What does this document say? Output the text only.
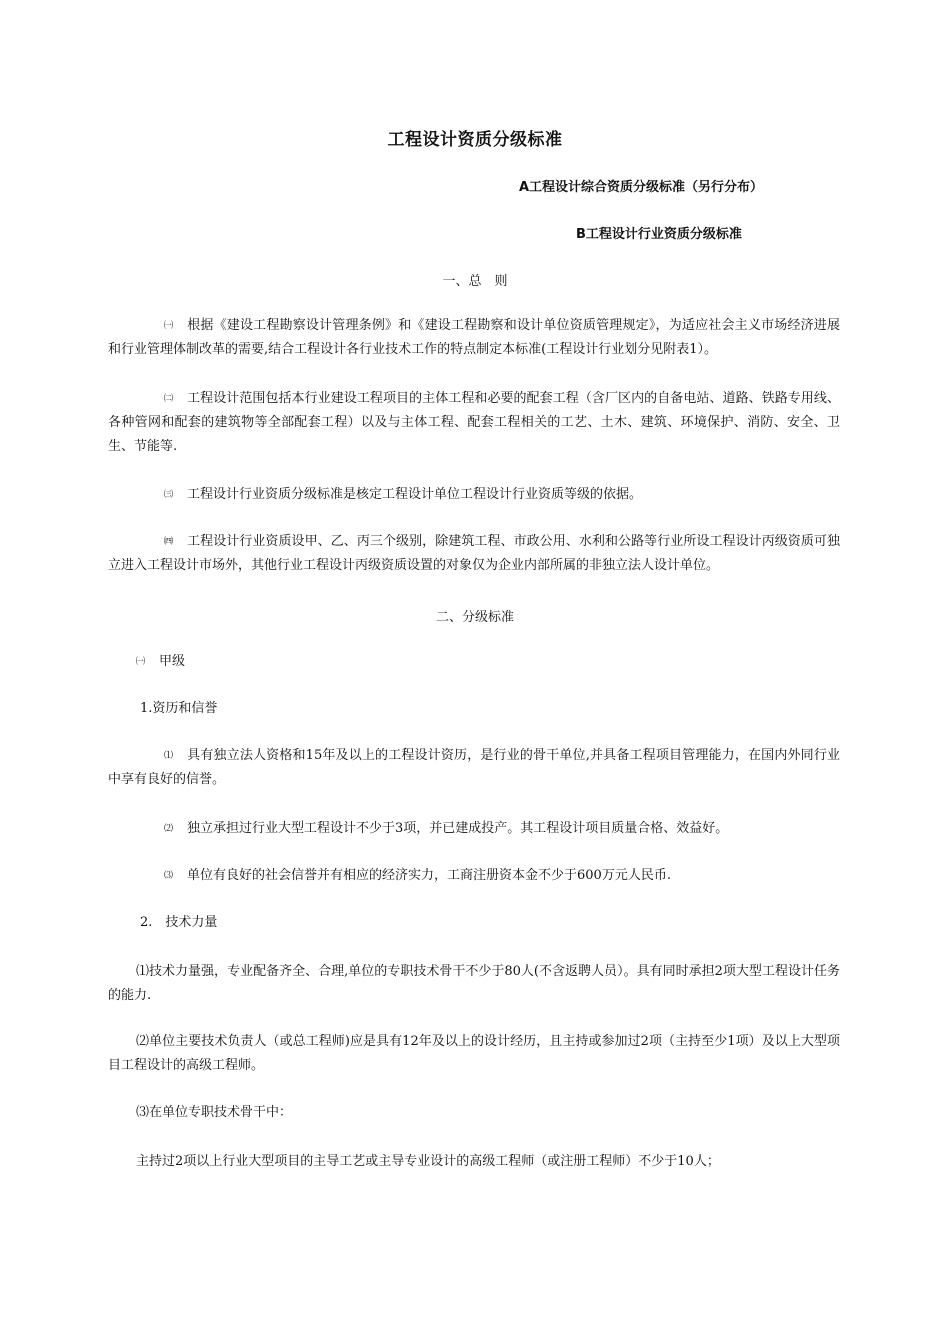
工程设计资质分级标准
A工程设计综合资质分级标准（另行分布）
B工程设计行业资质分级标准
一、总　则
㈠ 根据《建设工程勘察设计管理条例》和《建设工程勘察和设计单位资质管理规定》，为适应社会主义市场经济进展和行业管理体制改革的需要,结合工程设计各行业技术工作的特点制定本标准(工程设计行业划分见附表1）。
㈡ 工程设计范围包括本行业建设工程项目的主体工程和必要的配套工程（含厂区内的自备电站、道路、铁路专用线、各种管网和配套的建筑物等全部配套工程）以及与主体工程、配套工程相关的工艺、土木、建筑、环境保护、消防、安全、卫生、节能等.
㈢ 工程设计行业资质分级标准是核定工程设计单位工程设计行业资质等级的依据。
㈣ 工程设计行业资质设甲、乙、丙三个级别，除建筑工程、市政公用、水利和公路等行业所设工程设计丙级资质可独立进入工程设计市场外，其他行业工程设计丙级资质设置的对象仅为企业内部所属的非独立法人设计单位。
二、分级标准
㈠ 甲级
1.资历和信誉
⑴ 具有独立法人资格和15年及以上的工程设计资历，是行业的骨干单位,并具备工程项目管理能力，在国内外同行业中享有良好的信誉。
⑵ 独立承担过行业大型工程设计不少于3项，并已建成投产。其工程设计项目质量合格、效益好。
⑶ 单位有良好的社会信誉并有相应的经济实力，工商注册资本金不少于600万元人民币.
2.　技术力量
⑴技术力量强，专业配备齐全、合理,单位的专职技术骨干不少于80人(不含返聘人员）。具有同时承担2项大型工程设计任务的能力.
⑵单位主要技术负责人（或总工程师)应是具有12年及以上的设计经历，且主持或参加过2项（主持至少1项）及以上大型项目工程设计的高级工程师。
⑶在单位专职技术骨干中：
主持过2项以上行业大型项目的主导工艺或主导专业设计的高级工程师（或注册工程师）不少于10人；
